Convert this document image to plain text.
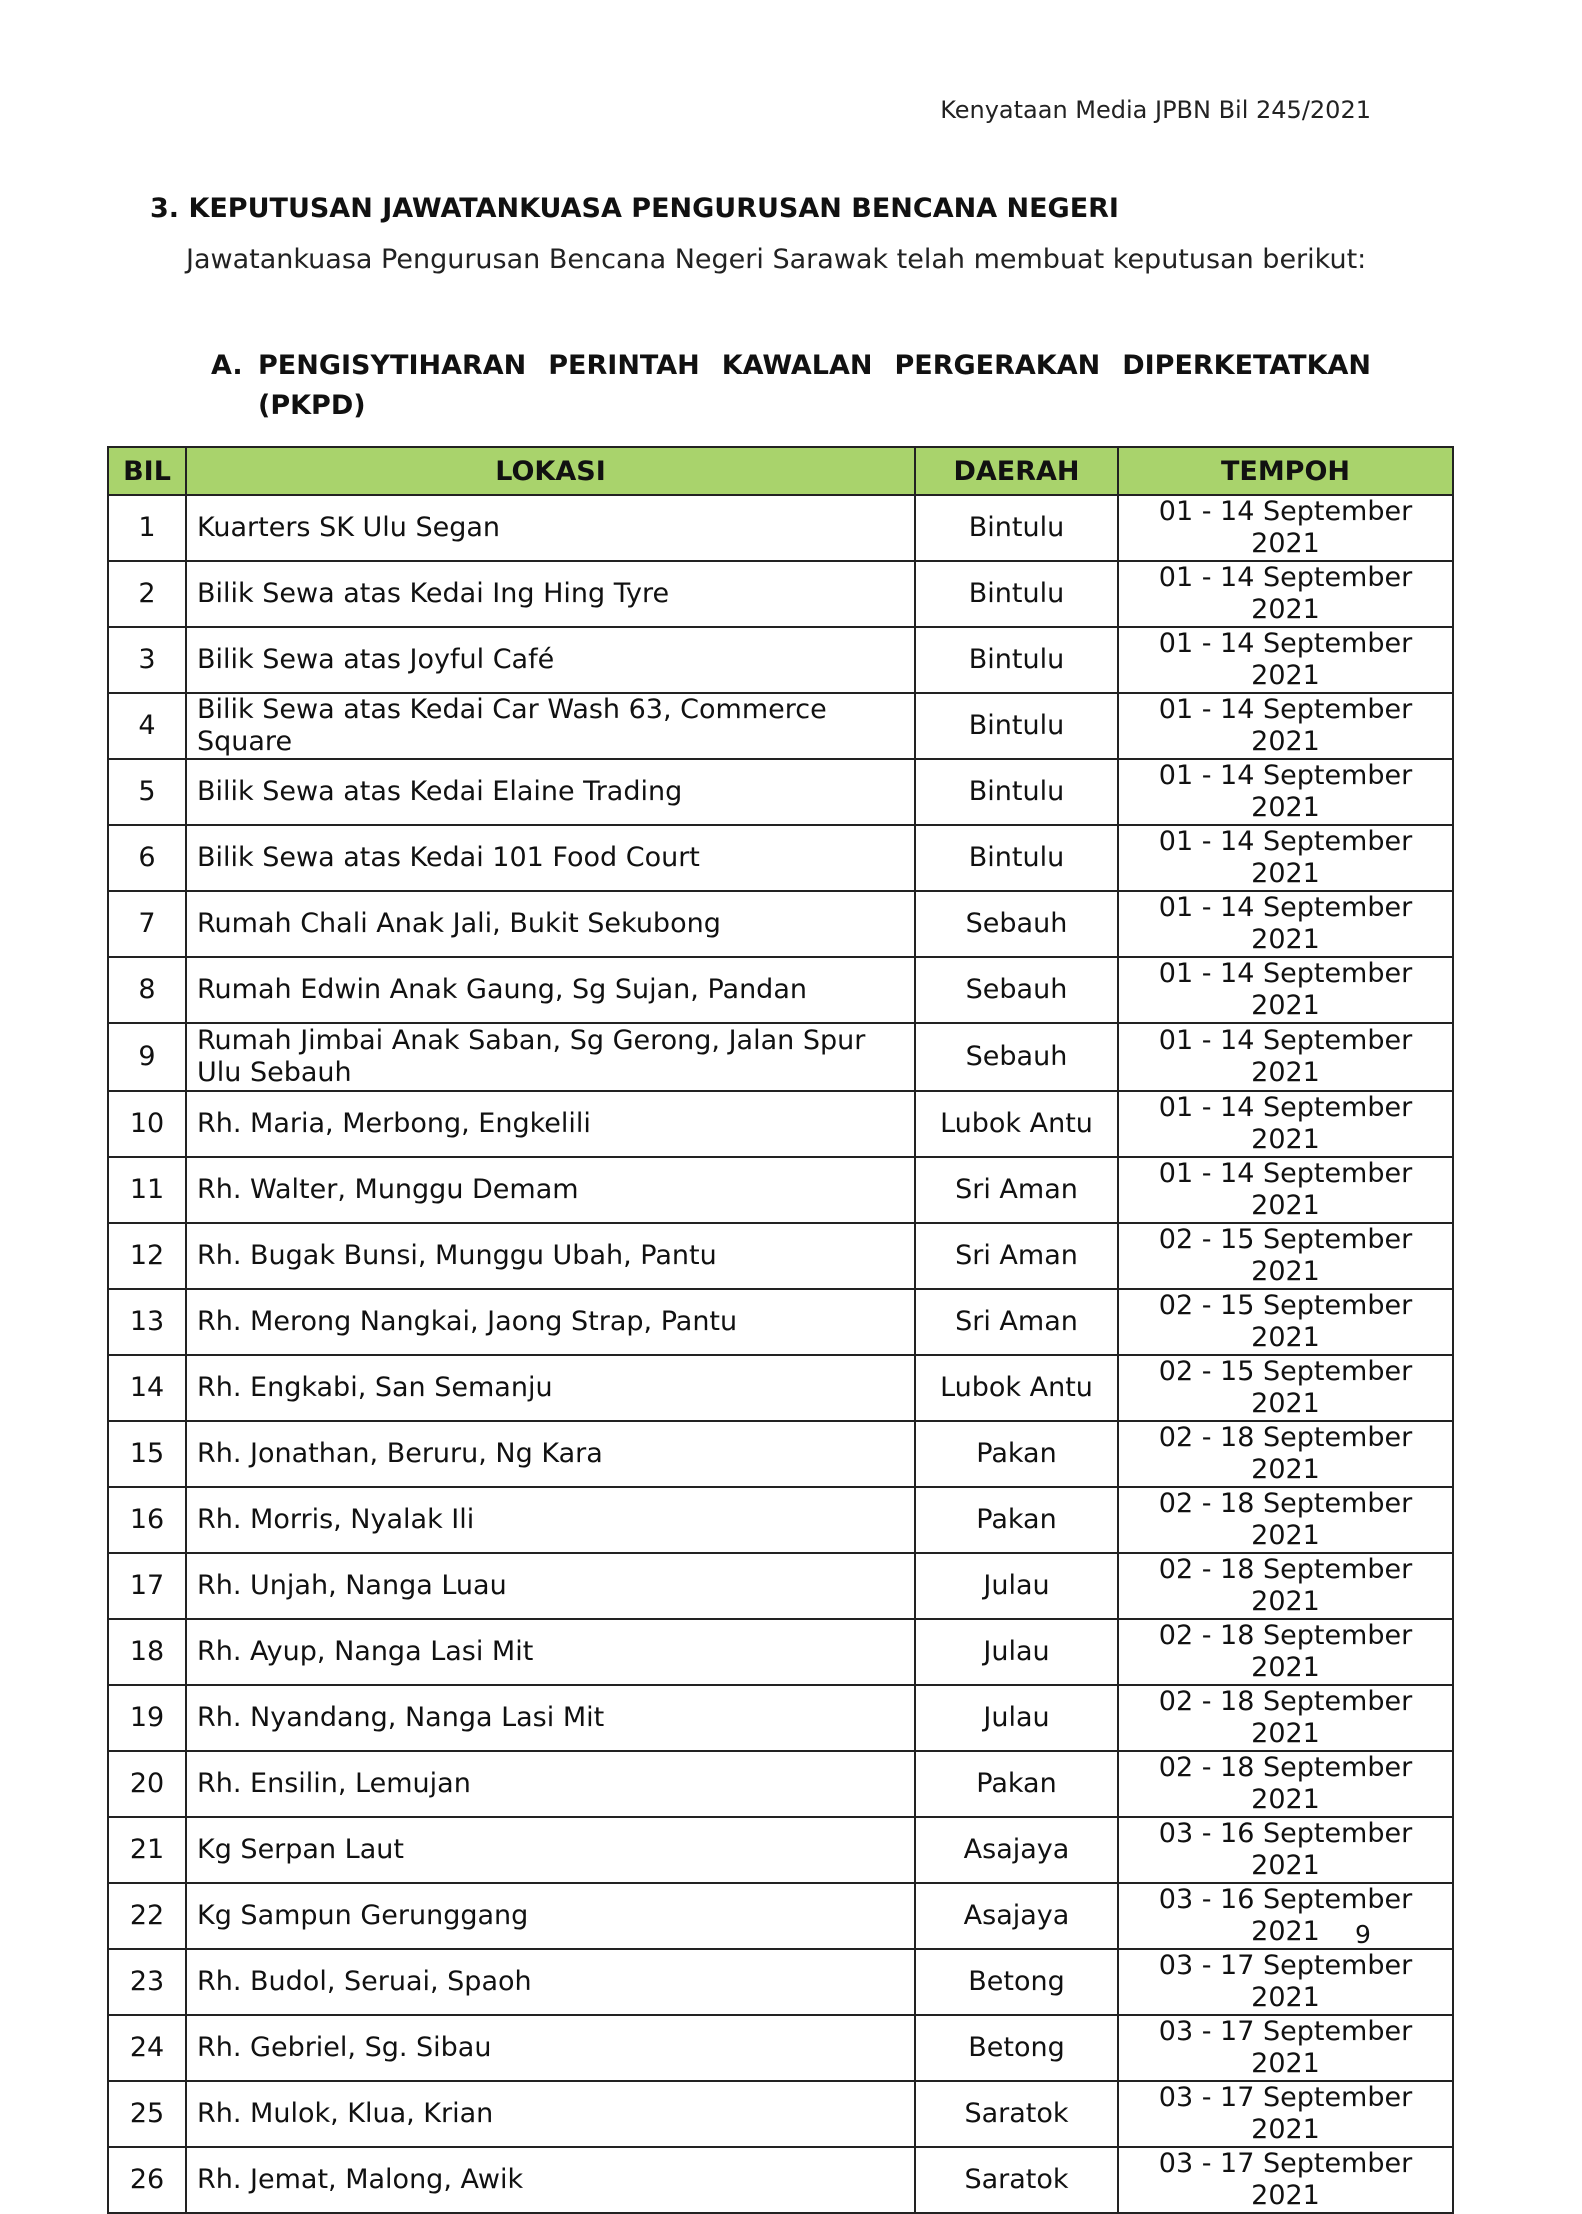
Kenyataan Media JPBN Bil 245/2021
3. KEPUTUSAN JAWATANKUASA PENGURUSAN BENCANA NEGERI
Jawatankuasa Pengurusan Bencana Negeri Sarawak telah membuat keputusan berikut:
A. PENGISYTIHARAN PERINTAH KAWALAN PERGERAKAN DIPERKETATKAN
(PKPD)
BIL	LOKASI	DAERAH	TEMPOH
1	Kuarters SK Ulu Segan	Bintulu	01 - 14 September 2021
2	Bilik Sewa atas Kedai Ing Hing Tyre	Bintulu	01 - 14 September 2021
3	Bilik Sewa atas Joyful Café	Bintulu	01 - 14 September 2021
4	Bilik Sewa atas Kedai Car Wash 63, Commerce Square	Bintulu	01 - 14 September 2021
5	Bilik Sewa atas Kedai Elaine Trading	Bintulu	01 - 14 September 2021
6	Bilik Sewa atas Kedai 101 Food Court	Bintulu	01 - 14 September 2021
7	Rumah Chali Anak Jali, Bukit Sekubong	Sebauh	01 - 14 September 2021
8	Rumah Edwin Anak Gaung, Sg Sujan, Pandan	Sebauh	01 - 14 September 2021
9	Rumah Jimbai Anak Saban, Sg Gerong, Jalan Spur Ulu Sebauh	Sebauh	01 - 14 September 2021
10	Rh. Maria, Merbong, Engkelili	Lubok Antu	01 - 14 September 2021
11	Rh. Walter, Munggu Demam	Sri Aman	01 - 14 September 2021
12	Rh. Bugak Bunsi, Munggu Ubah, Pantu	Sri Aman	02 - 15 September 2021
13	Rh. Merong Nangkai, Jaong Strap, Pantu	Sri Aman	02 - 15 September 2021
14	Rh. Engkabi, San Semanju	Lubok Antu	02 - 15 September 2021
15	Rh. Jonathan, Beruru, Ng Kara	Pakan	02 - 18 September 2021
16	Rh. Morris, Nyalak Ili	Pakan	02 - 18 September 2021
17	Rh. Unjah, Nanga Luau	Julau	02 - 18 September 2021
18	Rh. Ayup, Nanga Lasi Mit	Julau	02 - 18 September 2021
19	Rh. Nyandang, Nanga Lasi Mit	Julau	02 - 18 September 2021
20	Rh. Ensilin, Lemujan	Pakan	02 - 18 September 2021
21	Kg Serpan Laut	Asajaya	03 - 16 September 2021
22	Kg Sampun Gerunggang	Asajaya	03 - 16 September 2021
23	Rh. Budol, Seruai, Spaoh	Betong	03 - 17 September 2021
24	Rh. Gebriel, Sg. Sibau	Betong	03 - 17 September 2021
25	Rh. Mulok, Klua, Krian	Saratok	03 - 17 September 2021
26	Rh. Jemat, Malong, Awik	Saratok	03 - 17 September 2021
9
